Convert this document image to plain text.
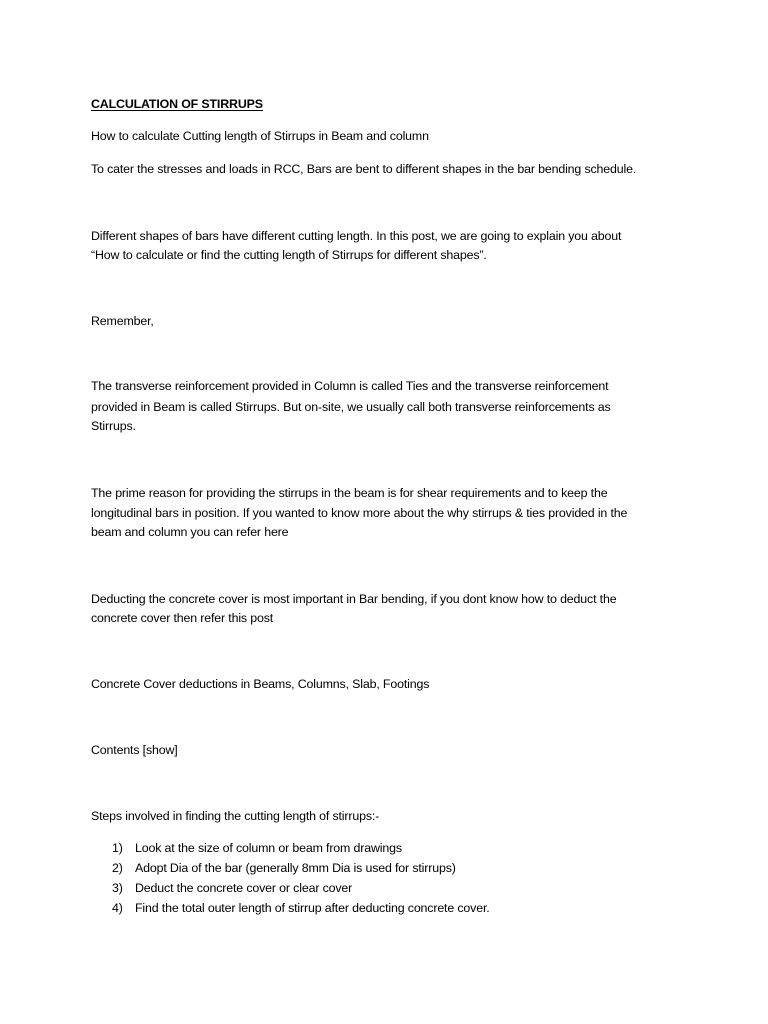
CALCULATION OF STIRRUPS

How to calculate Cutting length of Stirrups in Beam and column

To cater the stresses and loads in RCC, Bars are bent to different shapes in the bar bending schedule.

Different shapes of bars have different cutting length. In this post, we are going to explain you about

“How to calculate or find the cutting length of Stirrups for different shapes”.

Remember,

The transverse reinforcement provided in Column is called Ties and the transverse reinforcement

provided in Beam is called Stirrups. But on-site, we usually call both transverse reinforcements as

Stirrups.

The prime reason for providing the stirrups in the beam is for shear requirements and to keep the

longitudinal bars in position. If you wanted to know more about the why stirrups & ties provided in the

beam and column you can refer here

Deducting the concrete cover is most important in Bar bending, if you dont know how to deduct the

concrete cover then refer this post

Concrete Cover deductions in Beams, Columns, Slab, Footings

Contents [show]

Steps involved in finding the cutting length of stirrups:-

1) Look at the size of column or beam from drawings
2) Adopt Dia of the bar (generally 8mm Dia is used for stirrups)
3) Deduct the concrete cover or clear cover
4) Find the total outer length of stirrup after deducting concrete cover.
